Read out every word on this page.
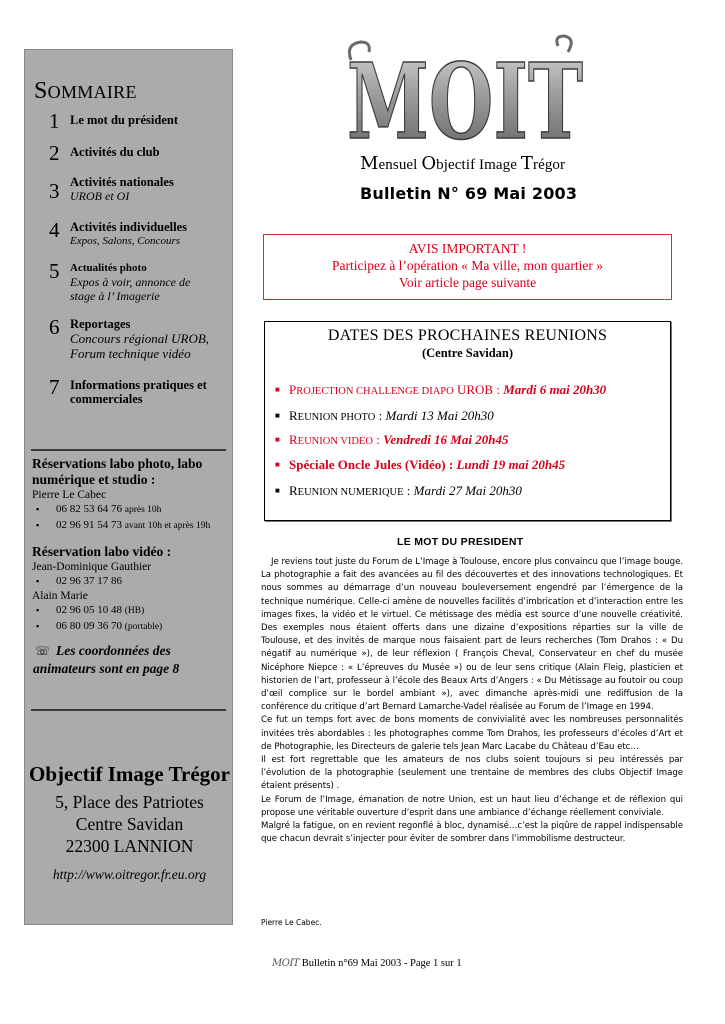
SOMMAIRE
1 Le mot du président
2 Activités du club
3 Activités nationales
UROB et OI
4 Activités individuelles
Expos, Salons, Concours
5 Actualités photo
Expos à voir, annonce de stage à l’ Imagerie
6 Reportages
Concours régional UROB, Forum technique vidéo
7 Informations pratiques et commerciales
Réservations labo photo, labo numérique et studio :
Pierre Le Cabec
▪ 06 82 53 64 76 après 10h
▪ 02 96 91 54 73 avant 10h et après 19h
Réservation labo vidéo :
Jean-Dominique Gauthier
▪ 02 96 37 17 86
Alain Marie
▪ 02 96 05 10 48 (HB)
▪ 06 80 09 36 70 (portable)
☏ Les coordonnées des animateurs sont en page 8
Objectif Image Trégor
5, Place des Patriotes
Centre Savidan
22300 LANNION
http://www.oitregor.fr.eu.org
MOIT
Mensuel Objectif Image Trégor
Bulletin N° 69 Mai 2003
AVIS IMPORTANT !
Participez à l’opération « Ma ville, mon quartier »
Voir article page suivante
DATES DES PROCHAINES REUNIONS
(Centre Savidan)
■ PROJECTION CHALLENGE DIAPO UROB : Mardi 6 mai 20h30
■ REUNION PHOTO : Mardi 13 Mai 20h30
■ REUNION VIDEO : Vendredi 16 Mai 20h45
■ Spéciale Oncle Jules (Vidéo) : Lundi 19 mai 20h45
■ REUNION NUMERIQUE : Mardi 27 Mai 20h30
LE MOT DU PRESIDENT

Je reviens tout juste du Forum de L’Image à Toulouse, encore plus convaincu que l’image bouge. La photographie a fait des avancées au fil des découvertes et des innovations technologiques. Et nous sommes au démarrage d’un nouveau bouleversement engendré par l’émergence de la technique numérique. Celle-ci amène de nouvelles facilités d’imbrication et d’interaction entre les images fixes, la vidéo et le virtuel. Ce métissage des média est source d’une nouvelle créativité. Des exemples nous étaient offerts dans une dizaine d’expositions réparties sur la ville de Toulouse, et des invités de marque nous faisaient part de leurs recherches (Tom Drahos : « Du négatif au numérique »), de leur réflexion ( François Cheval, Conservateur en chef du musée Nicéphore Niepce : « L’épreuves du Musée ») ou de leur sens critique (Alain Fleig, plasticien et historien de l’art, professeur à l’école des Beaux Arts d’Angers : « Du Métissage au foutoir ou coup d’œil complice sur le bordel ambiant »), avec dimanche après-midi une rediffusion de la conférence du critique d’art Bernard Lamarche-Vadel réalisée au Forum de l’Image en 1994.

Ce fut un temps fort avec de bons moments de convivialité avec les nombreuses personnalités invitées très abordables : les photographes comme Tom Drahos, les professeurs d’écoles d’Art et de Photographie, les Directeurs de galerie tels Jean Marc Lacabe du Château d’Eau etc…

Il est fort regrettable que les amateurs de nos clubs soient toujours si peu intéressés par l’évolution de la photographie (seulement une trentaine de membres des clubs Objectif Image étaient présents) .

Le Forum de l’Image, émanation de notre Union, est un haut lieu d’échange et de réflexion qui propose une véritable ouverture d’esprit dans une ambiance d’échange réellement conviviale.

Malgré la fatigue, on en revient regonflé à bloc, dynamisé…c’est la piqûre de rappel indispensable que chacun devrait s’injecter pour éviter de sombrer dans l’immobilisme destructeur.

Pierre Le Cabec.
MOIT Bulletin n°69 Mai 2003 - Page 1 sur 1
